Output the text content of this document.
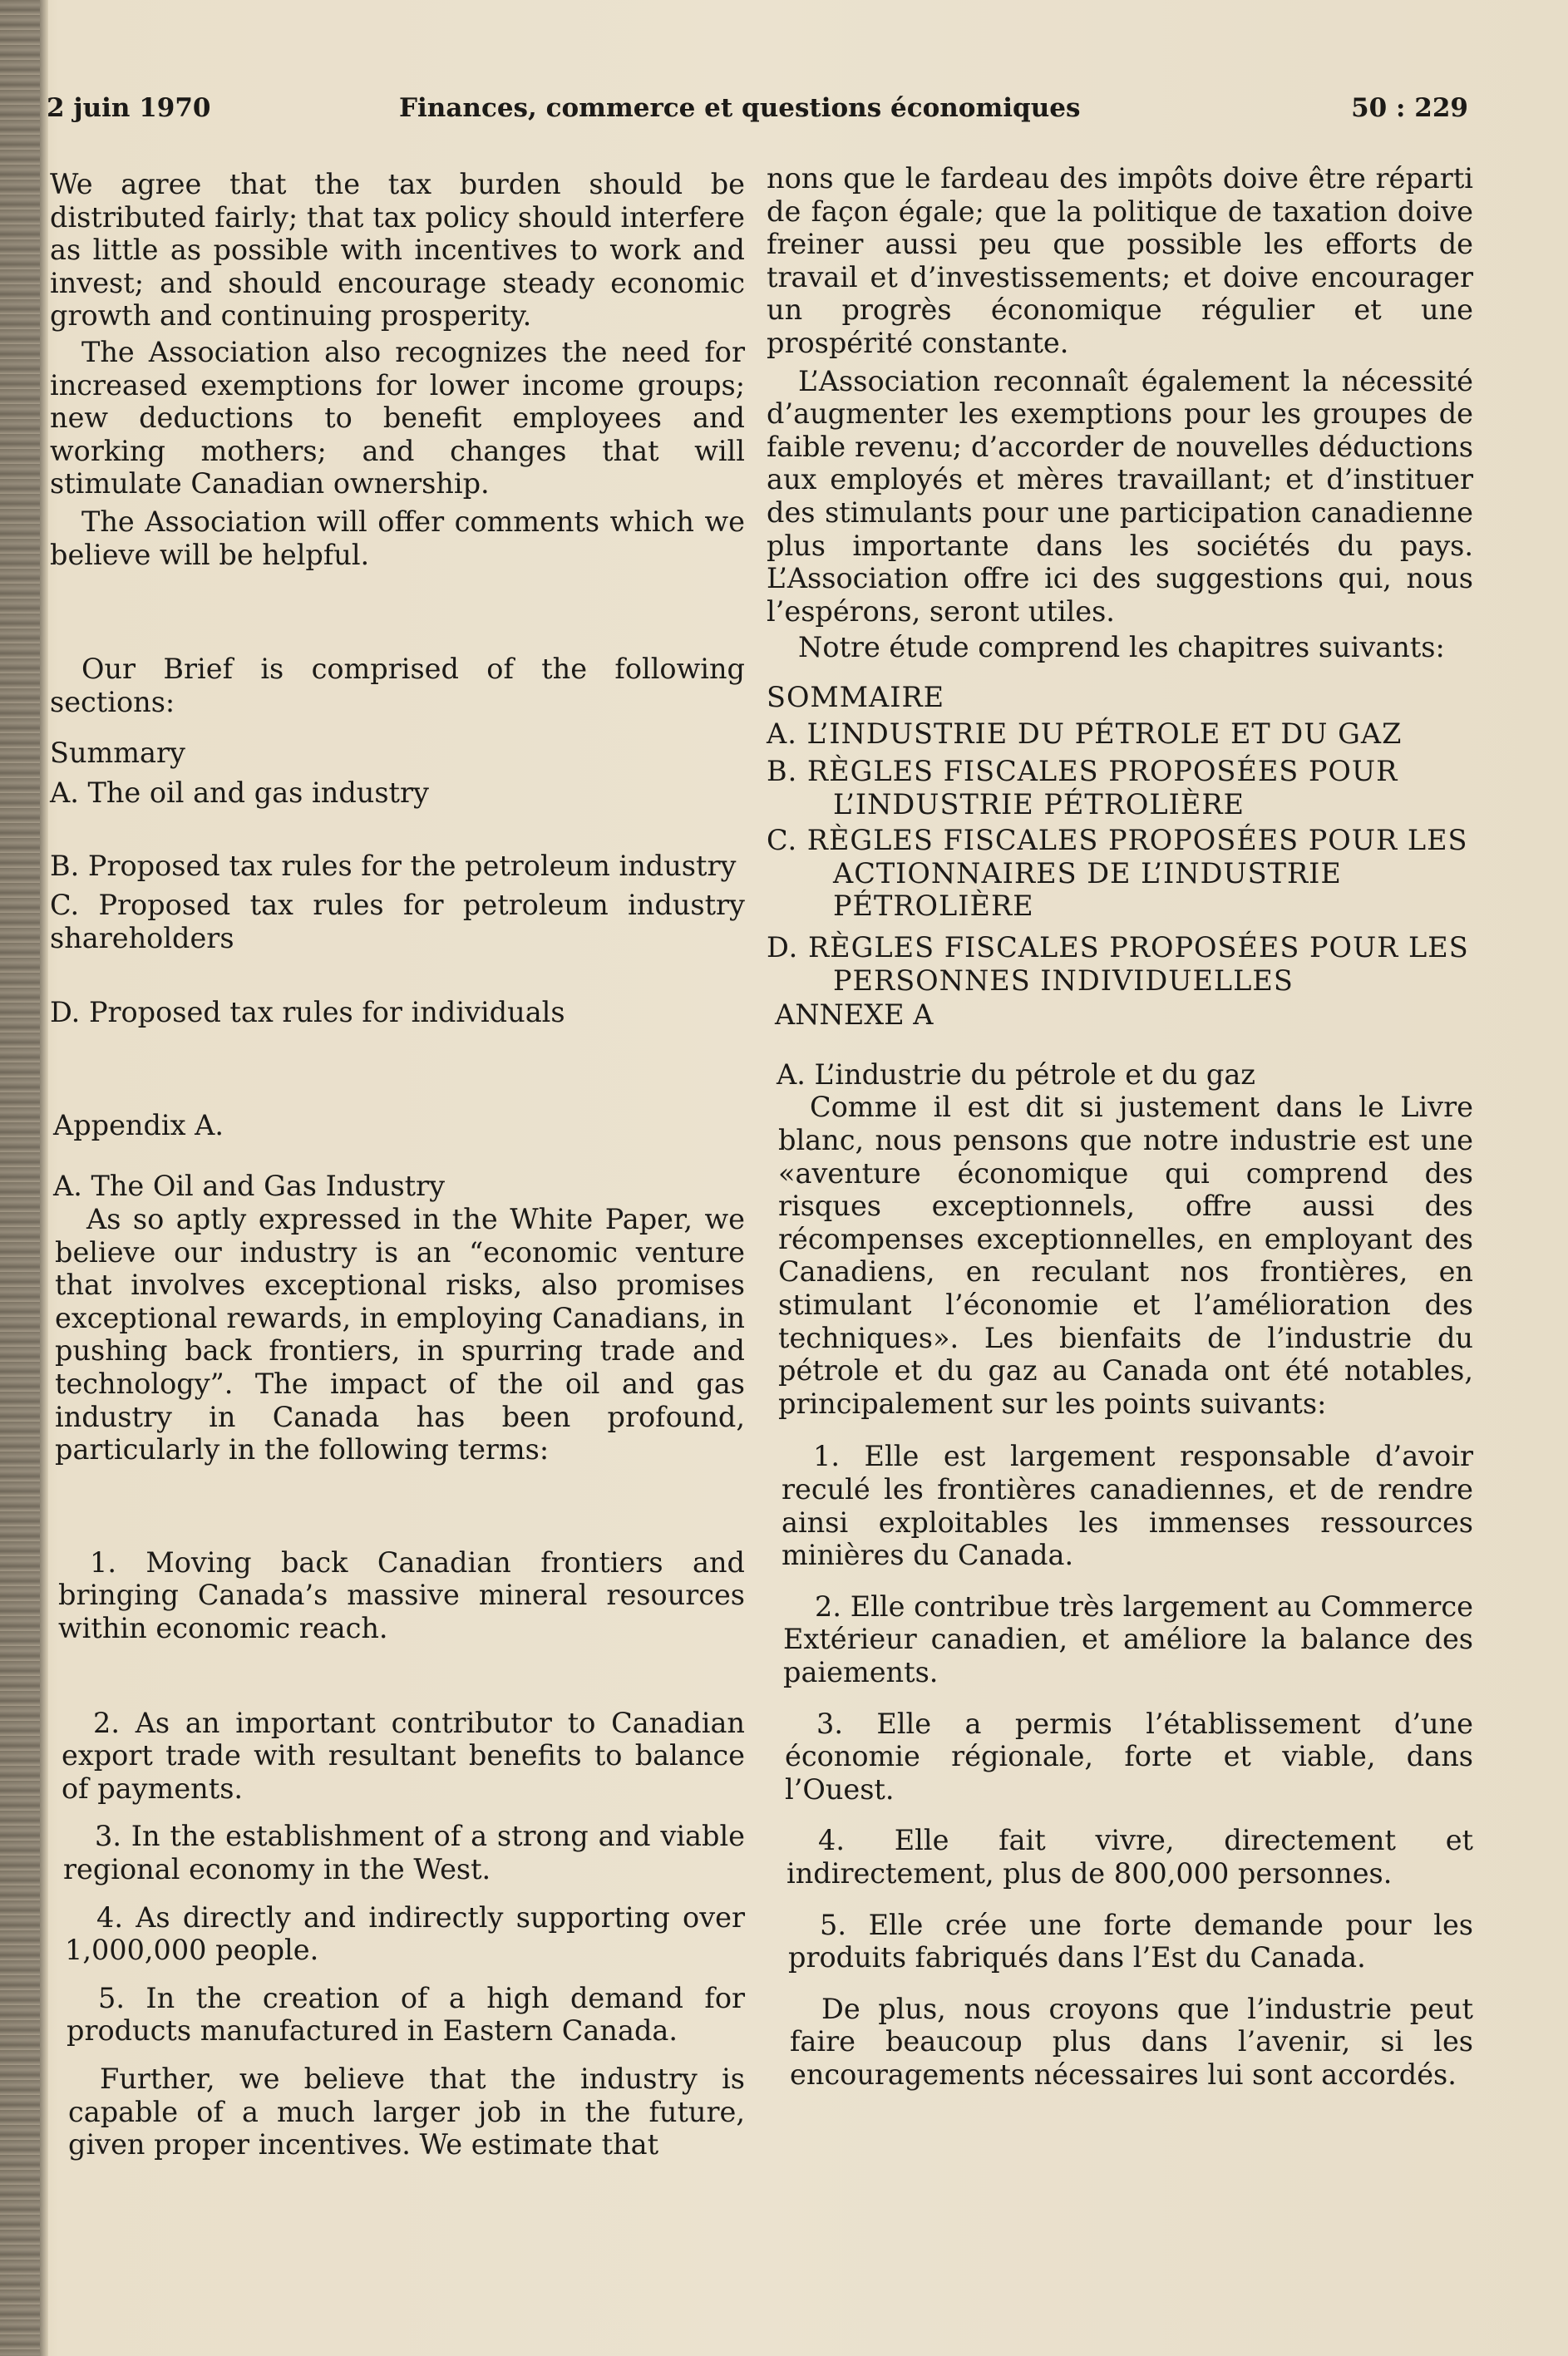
2 juin 1970	Finances, commerce et questions économiques	50 : 229

We agree that the tax burden should be distributed fairly; that tax policy should interfere as little as possible with incentives to work and invest; and should encourage steady economic growth and continuing prosperity.

The Association also recognizes the need for increased exemptions for lower income groups; new deductions to benefit employees and working mothers; and changes that will stimulate Canadian ownership.

The Association will offer comments which we believe will be helpful.

Our Brief is comprised of the following sections:

Summary

A. The oil and gas industry

B. Proposed tax rules for the petroleum industry

C. Proposed tax rules for petroleum industry shareholders

D. Proposed tax rules for individuals

Appendix A.

A. The Oil and Gas Industry

As so aptly expressed in the White Paper, we believe our industry is an “economic venture that involves exceptional risks, also promises exceptional rewards, in employing Canadians, in pushing back frontiers, in spurring trade and technology”. The impact of the oil and gas industry in Canada has been profound, particularly in the following terms:

1. Moving back Canadian frontiers and bringing Canada’s massive mineral resources within economic reach.

2. As an important contributor to Canadian export trade with resultant benefits to balance of payments.

3. In the establishment of a strong and viable regional economy in the West.

4. As directly and indirectly supporting over 1,000,000 people.

5. In the creation of a high demand for products manufactured in Eastern Canada.

Further, we believe that the industry is capable of a much larger job in the future, given proper incentives. We estimate that

nons que le fardeau des impôts doive être réparti de façon égale; que la politique de taxation doive freiner aussi peu que possible les efforts de travail et d’investissements; et doive encourager un progrès économique régulier et une prospérité constante.

L’Association reconnaît également la nécessité d’augmenter les exemptions pour les groupes de faible revenu; d’accorder de nouvelles déductions aux employés et mères travaillant; et d’instituer des stimulants pour une participation canadienne plus importante dans les sociétés du pays. L’Association offre ici des suggestions qui, nous l’espérons, seront utiles.

Notre étude comprend les chapitres suivants:

SOMMAIRE

A. L’INDUSTRIE DU PÉTROLE ET DU GAZ

B. RÈGLES FISCALES PROPOSÉES POUR L’INDUSTRIE PÉTROLIÈRE

C. RÈGLES FISCALES PROPOSÉES POUR LES ACTIONNAIRES DE L’INDUSTRIE PÉTROLIÈRE

D. RÈGLES FISCALES PROPOSÉES POUR LES PERSONNES INDIVIDUELLES

ANNEXE A

A. L’industrie du pétrole et du gaz

Comme il est dit si justement dans le Livre blanc, nous pensons que notre industrie est une «aventure économique qui comprend des risques exceptionnels, offre aussi des récompenses exceptionnelles, en employant des Canadiens, en reculant nos frontières, en stimulant l’économie et l’amélioration des techniques». Les bienfaits de l’industrie du pétrole et du gaz au Canada ont été notables, principalement sur les points suivants:

1. Elle est largement responsable d’avoir reculé les frontières canadiennes, et de rendre ainsi exploitables les immenses ressources minières du Canada.

2. Elle contribue très largement au Commerce Extérieur canadien, et améliore la balance des paiements.

3. Elle a permis l’établissement d’une économie régionale, forte et viable, dans l’Ouest.

4. Elle fait vivre, directement et indirectement, plus de 800,000 personnes.

5. Elle crée une forte demande pour les produits fabriqués dans l’Est du Canada.

De plus, nous croyons que l’industrie peut faire beaucoup plus dans l’avenir, si les encouragements nécessaires lui sont accordés.
